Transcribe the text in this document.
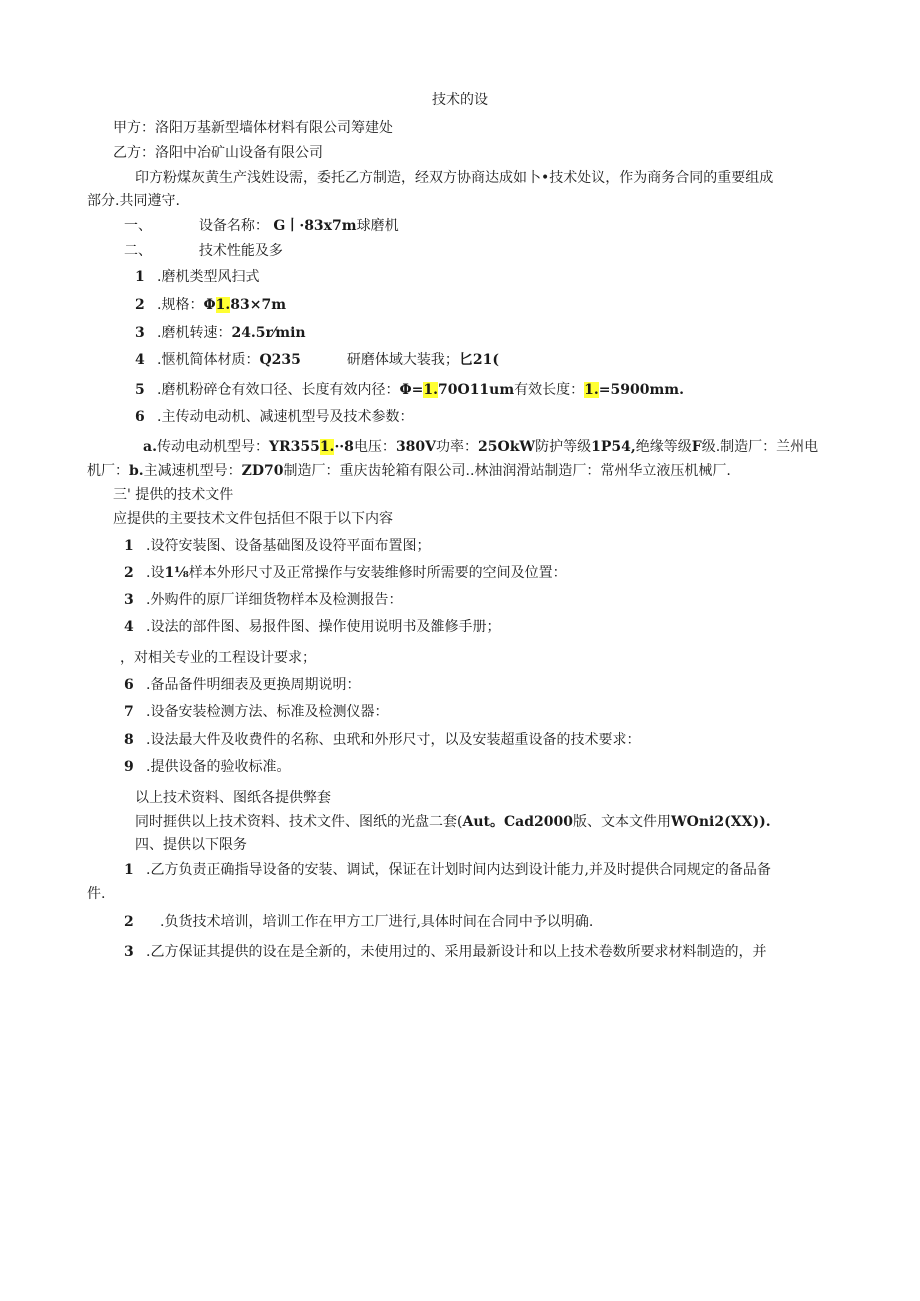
技术的设
甲方：洛阳万基新型墙体材料有限公司筹建处
乙方：洛阳中冶矿山设备有限公司
印方粉煤灰黄生产浅姓设需，委托乙方制造，经双方协商达成如卜•技术处议，作为商务合同的重要组成
部分.共同遵守.
一、	设备名称： G丨·83x7m球磨机
二、	技术性能及多
1 .磨机类型风扫式
2 .规格：Φ1.83×7m
3 .磨机转速：24.5r⁄min
4 .惬机简体材质：Q235	研磨体域大装我；匕21(
5 .磨机粉碎仓有效口径、长度有效内径：Φ=1.70O11um有效长度：1.=5900mm.
6 .主传动电动机、减速机型号及技术参数：
a.传动电动机型号：YR3551.··8电压：380V功率：25OkW防护等级1P54,绝缘等级F级.制造厂：兰州电
机厂：b.主减速机型号：ZD70制造厂：重庆齿轮箱有限公司..林油润滑站制造厂：常州华立液压机械厂.
三' 提供的技术文件
应提供的主要技术文件包括但不限于以下内容
1 .设符安装图、设备基础图及设符平面布置图；
2 .设1⅛样本外形尺寸及正常操作与安装维修时所需要的空间及位置：
3 .外购件的原厂详细货物样本及检测报告：
4 .设法的部件图、易报件图、操作使用说明书及雒修手册；
，对相关专业的工程设计要求；
6 .备品备件明细表及更换周期说明：
7 .设备安装检测方法、标准及检测仪器：
8 .设法最大件及收费件的名称、虫玳和外形尺寸，以及安装超重设备的技术要求：
9 .提供设备的验收标准。
以上技术资料、图纸各提供弊套
同时捱供以上技术资料、技术文件、图纸的光盘二套(Aut。Cad2000版、文本文件用WOni2(XX)).
四、提供以下限务
1 .乙方负责正确指导设备的安装、调试，保证在计划时间内达到设计能力,并及时提供合同规定的备品备
件.
2 .负货技术培训，培训工作在甲方工厂进行,具体时间在合同中予以明确.
3 .乙方保证其提供的设在是全新的，未使用过的、采用最新设计和以上技术卷数所要求材料制造的，并
